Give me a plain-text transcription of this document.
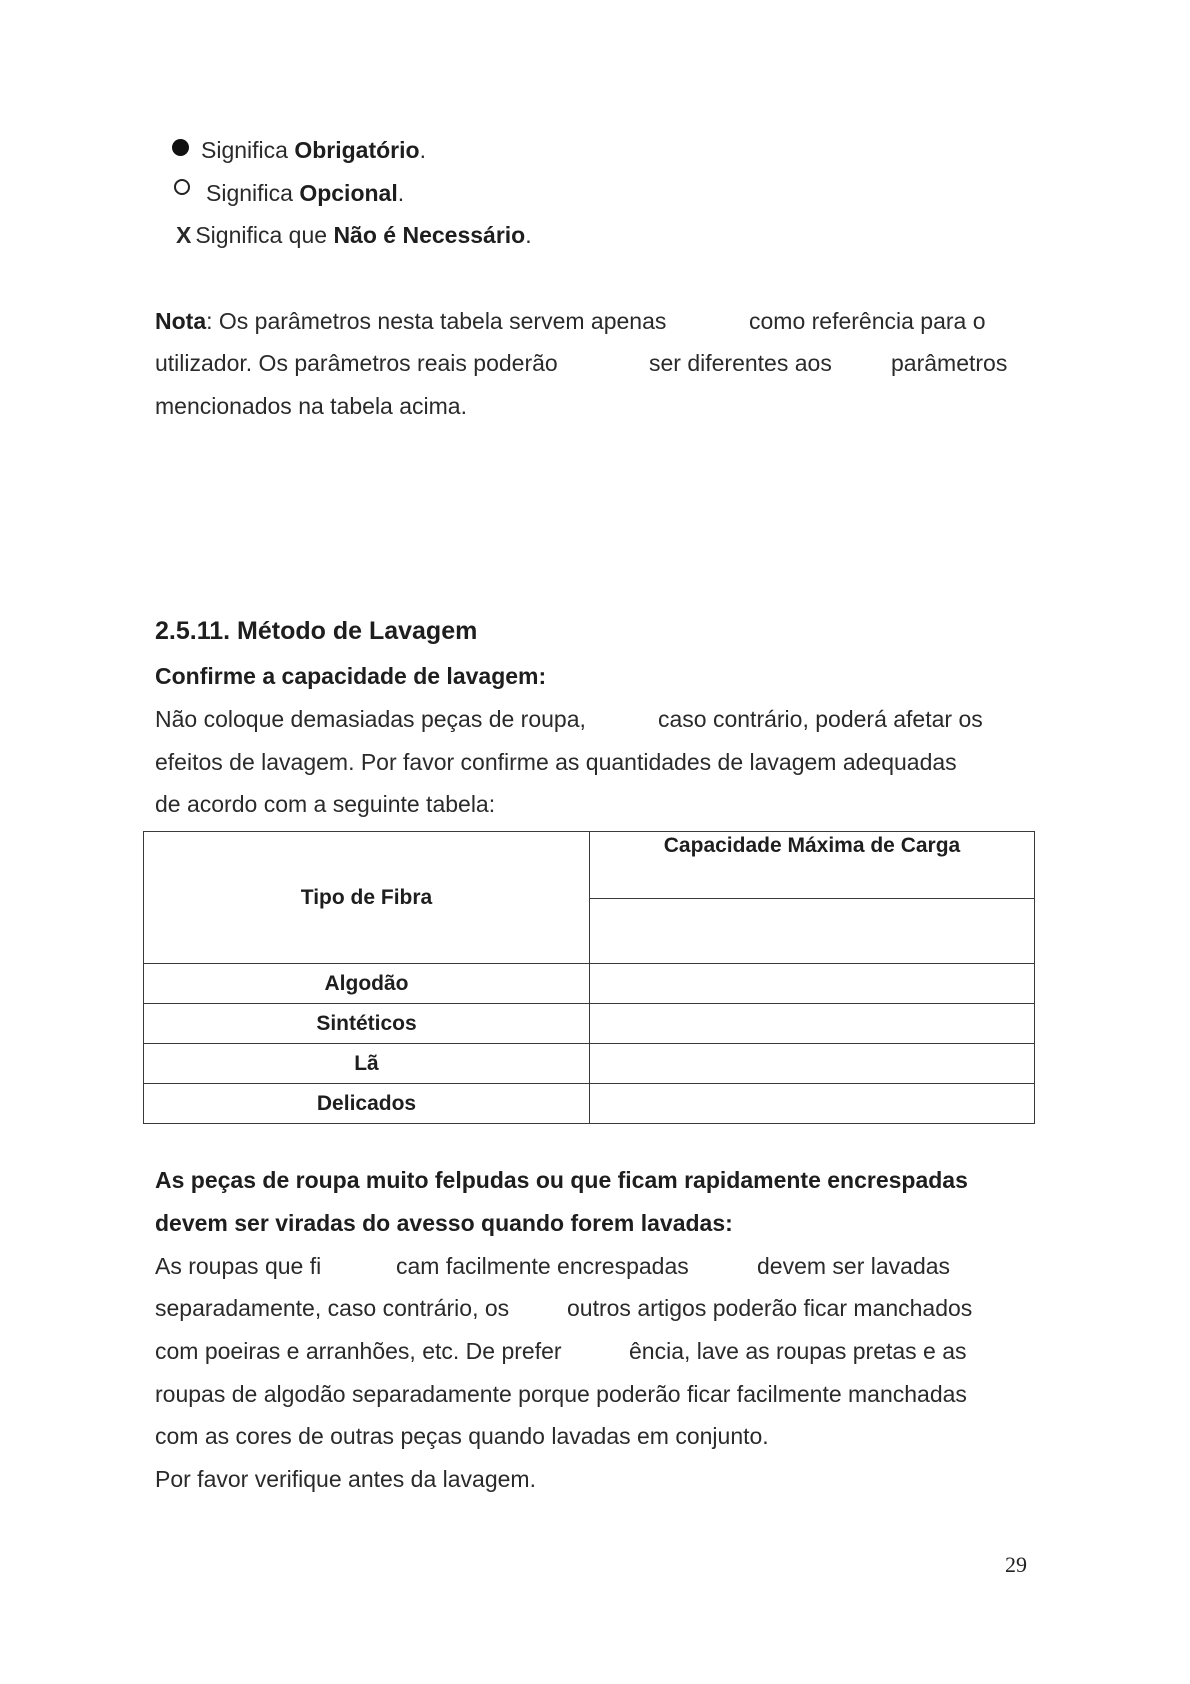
Significa Obrigatório.
Significa Opcional.
X Significa que Não é Necessário.
Nota: Os parâmetros nesta tabela servem apenas	como referência para o
utilizador. Os parâmetros reais poderão	ser diferentes aos	parâmetros
mencionados na tabela acima.
2.5.11. Método de Lavagem
Confirme a capacidade de lavagem:
Não coloque demasiadas peças de roupa,	caso contrário, poderá afetar os
efeitos de lavagem. Por favor confirme as quantidades de lavagem adequadas
de acordo com a seguinte tabela:
Tipo de Fibra	Capacidade Máxima de Carga

Algodão	
Sintéticos	
Lã	
Delicados	
As peças de roupa muito felpudas ou que ficam rapidamente encrespadas
devem ser viradas do avesso quando forem lavadas:
As roupas que fi	cam facilmente encrespadas	devem ser lavadas
separadamente, caso contrário, os	outros artigos poderão ficar manchados
com poeiras e arranhões, etc. De prefer	ência, lave as roupas pretas e as
roupas de algodão separadamente porque poderão ficar facilmente manchadas
com as cores de outras peças quando lavadas em conjunto.
Por favor verifique antes da lavagem.
29
